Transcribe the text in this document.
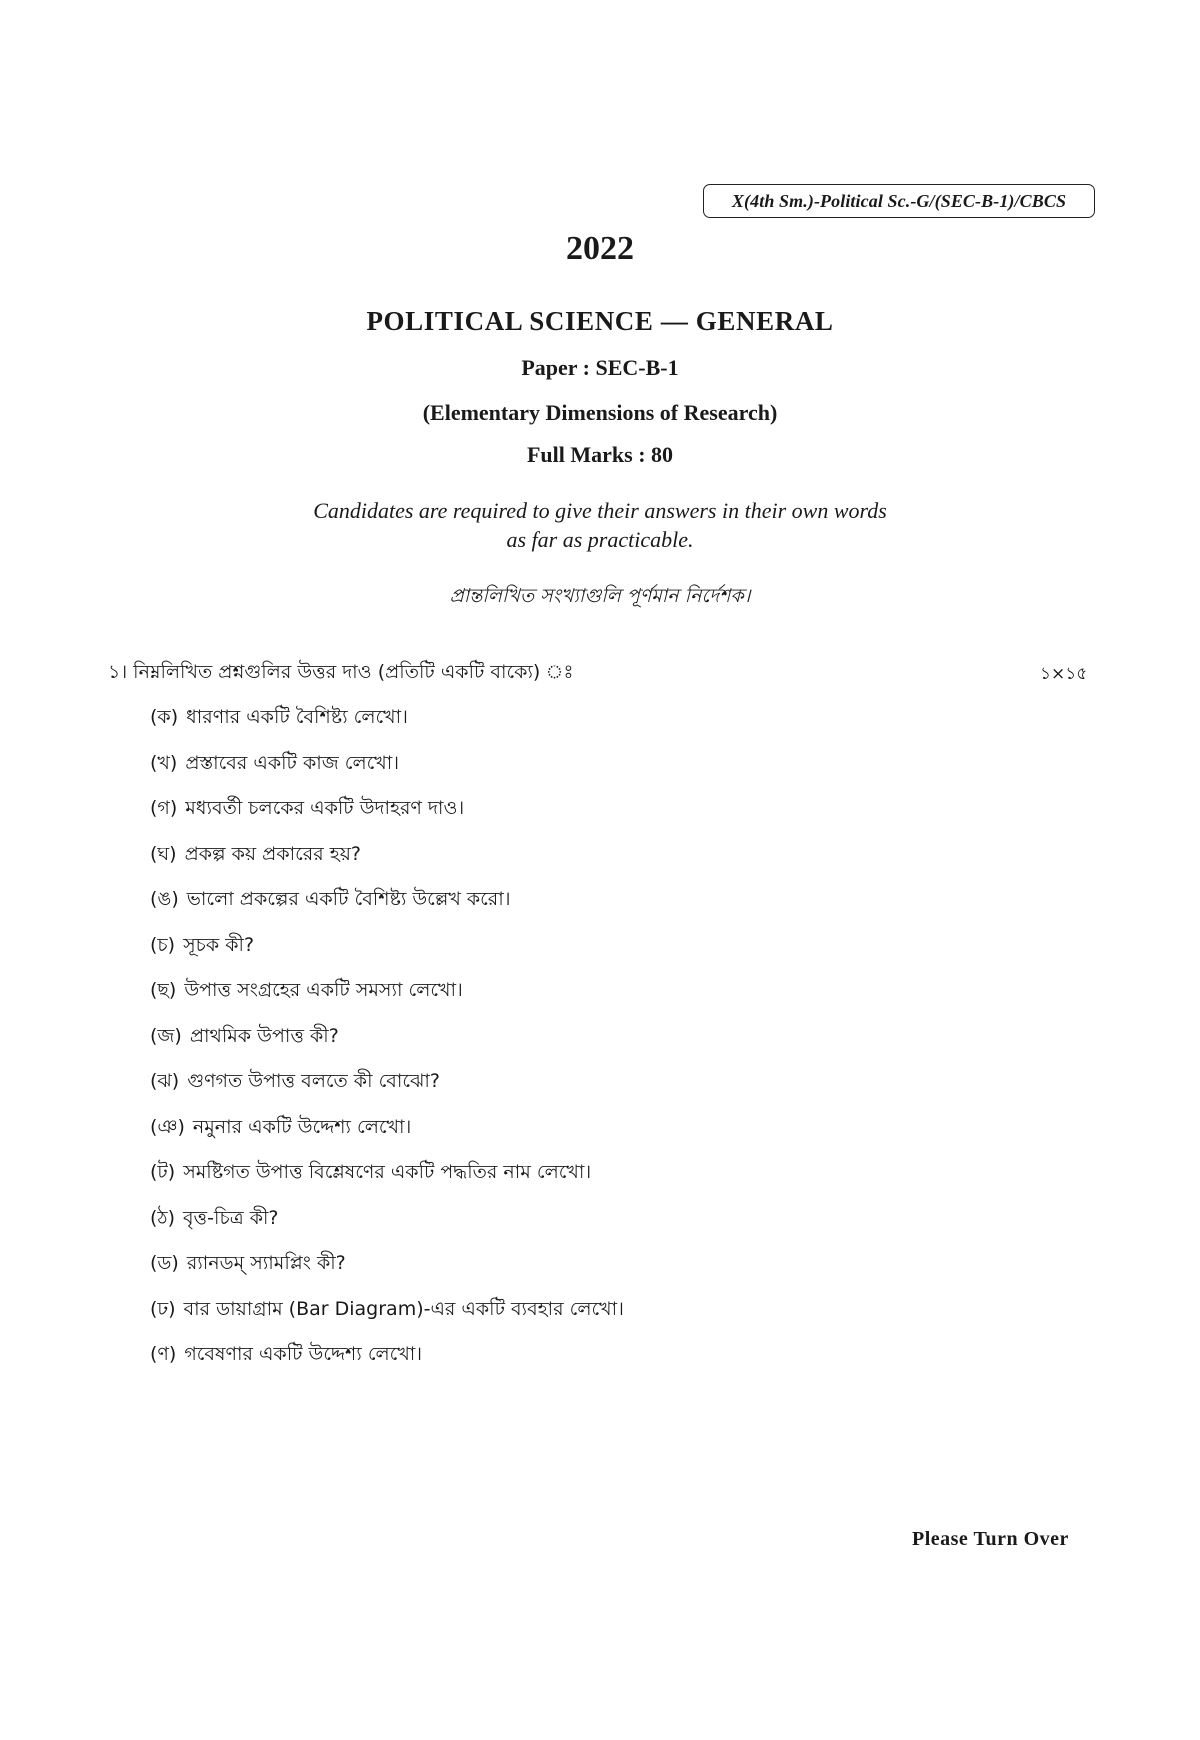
X(4th Sm.)-Political Sc.-G/(SEC-B-1)/CBCS
2022
POLITICAL SCIENCE — GENERAL
Paper : SEC-B-1
(Elementary Dimensions of Research)
Full Marks : 80
Candidates are required to give their answers in their own words
as far as practicable.
প্রান্তলিখিত সংখ্যাগুলি পূর্ণমান নির্দেশক।
১। নিম্নলিখিত প্রশ্নগুলির উত্তর দাও (প্রতিটি একটি বাক্যে) ঃ	১×১৫
(ক) ধারণার একটি বৈশিষ্ট্য লেখো।
(খ) প্রস্তাবের একটি কাজ লেখো।
(গ) মধ্যবর্তী চলকের একটি উদাহরণ দাও।
(ঘ) প্রকল্প কয় প্রকারের হয়?
(ঙ) ভালো প্রকল্পের একটি বৈশিষ্ট্য উল্লেখ করো।
(চ) সূচক কী?
(ছ) উপাত্ত সংগ্রহের একটি সমস্যা লেখো।
(জ) প্রাথমিক উপাত্ত কী?
(ঝ) গুণগত উপাত্ত বলতে কী বোঝো?
(ঞ) নমুনার একটি উদ্দেশ্য লেখো।
(ট) সমষ্টিগত উপাত্ত বিশ্লেষণের একটি পদ্ধতির নাম লেখো।
(ঠ) বৃত্ত-চিত্র কী?
(ড) র‍্যানডম্ স্যামপ্লিং কী?
(ঢ) বার ডায়াগ্রাম (Bar Diagram)-এর একটি ব্যবহার লেখো।
(ণ) গবেষণার একটি উদ্দেশ্য লেখো।
Please Turn Over
